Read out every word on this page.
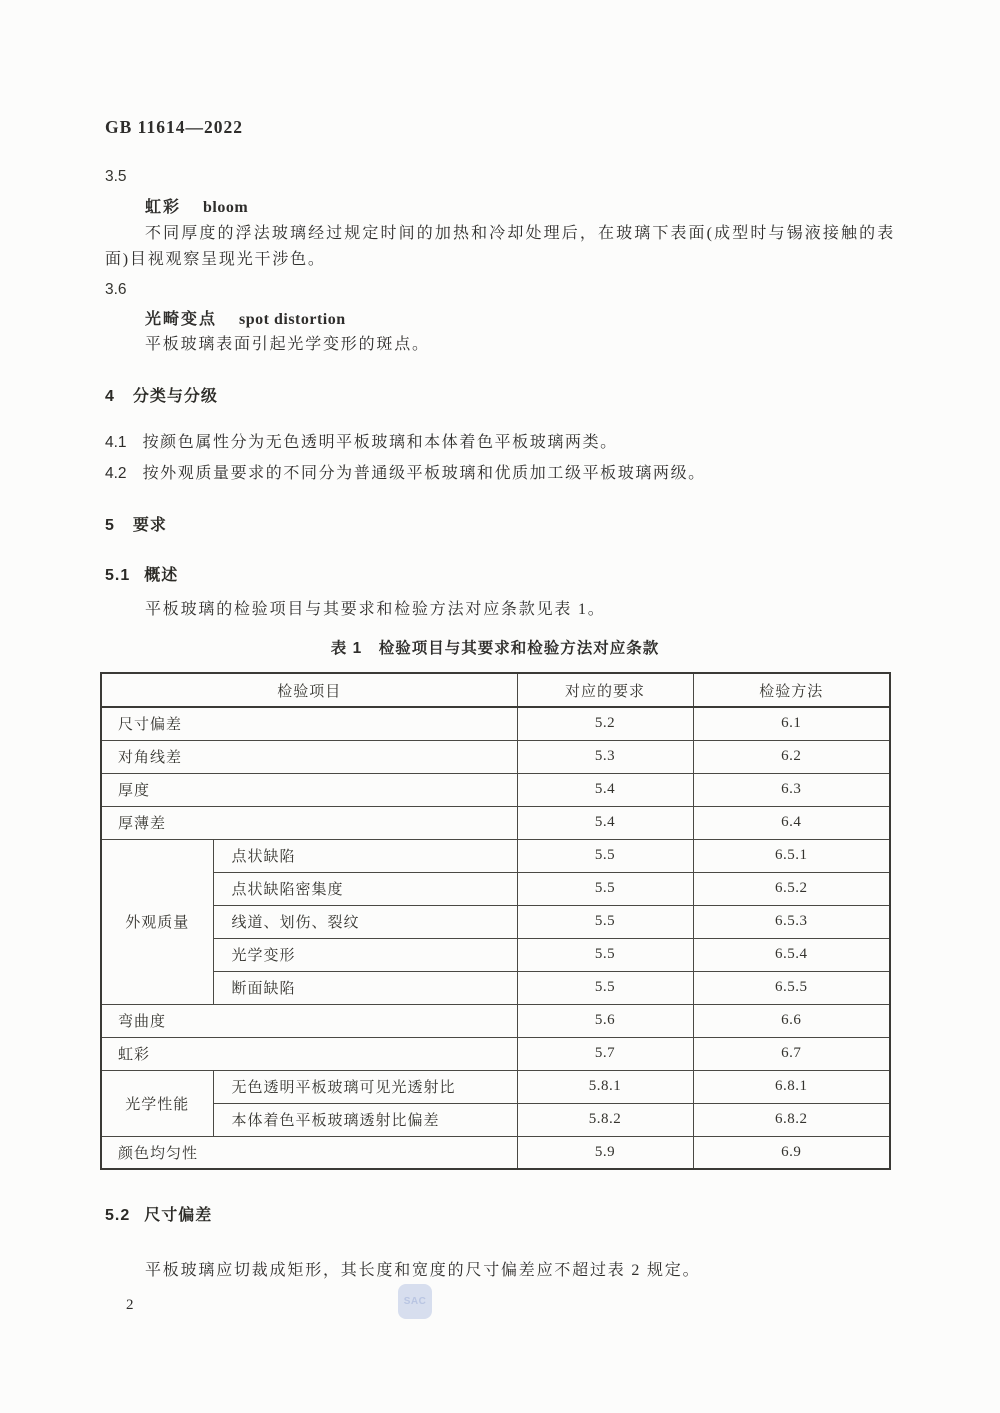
GB 11614—2022
3.5
虹彩 bloom
不同厚度的浮法玻璃经过规定时间的加热和冷却处理后，在玻璃下表面(成型时与锡液接触的表面)目视观察呈现光干涉色。
3.6
光畸变点 spot distortion
平板玻璃表面引起光学变形的斑点。
4 分类与分级
4.1 按颜色属性分为无色透明平板玻璃和本体着色平板玻璃两类。
4.2 按外观质量要求的不同分为普通级平板玻璃和优质加工级平板玻璃两级。
5 要求
5.1 概述
平板玻璃的检验项目与其要求和检验方法对应条款见表 1。
表 1　检验项目与其要求和检验方法对应条款
检验项目		对应的要求	检验方法
尺寸偏差		5.2	6.1
对角线差		5.3	6.2
厚度		5.4	6.3
厚薄差		5.4	6.4
外观质量	点状缺陷	5.5	6.5.1
	点状缺陷密集度	5.5	6.5.2
	线道、划伤、裂纹	5.5	6.5.3
	光学变形	5.5	6.5.4
	断面缺陷	5.5	6.5.5
弯曲度		5.6	6.6
虹彩		5.7	6.7
光学性能	无色透明平板玻璃可见光透射比	5.8.1	6.8.1
	本体着色平板玻璃透射比偏差	5.8.2	6.8.2
颜色均匀性		5.9	6.9
5.2 尺寸偏差
平板玻璃应切裁成矩形，其长度和宽度的尺寸偏差应不超过表 2 规定。
2	SAC
